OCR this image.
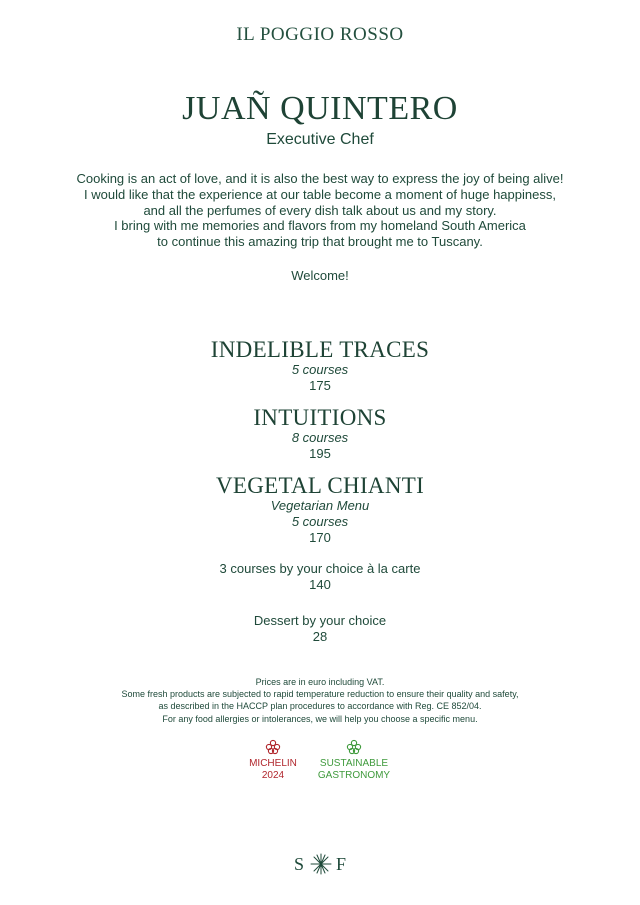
IL POGGIO ROSSO
JUAÑ QUINTERO
Executive Chef
Cooking is an act of love, and it is also the best way to express the joy of being alive!
I would like that the experience at our table become a moment of huge happiness,
and all the perfumes of every dish talk about us and my story.
I bring with me memories and flavors from my homeland South America
to continue this amazing trip that brought me to Tuscany.
Welcome!
INDELIBLE TRACES
5 courses
175
INTUITIONS
8 courses
195
VEGETAL CHIANTI
Vegetarian Menu
5 courses
170
3 courses by your choice à la carte
140
Dessert by your choice
28
Prices are in euro including VAT.
Some fresh products are subjected to rapid temperature reduction to ensure their quality and safety,
as described in the HACCP plan procedures to accordance with Reg. CE 852/04.
For any food allergies or intolerances, we will help you choose a specific menu.
MICHELIN
2024
SUSTAINABLE
GASTRONOMY
S F
